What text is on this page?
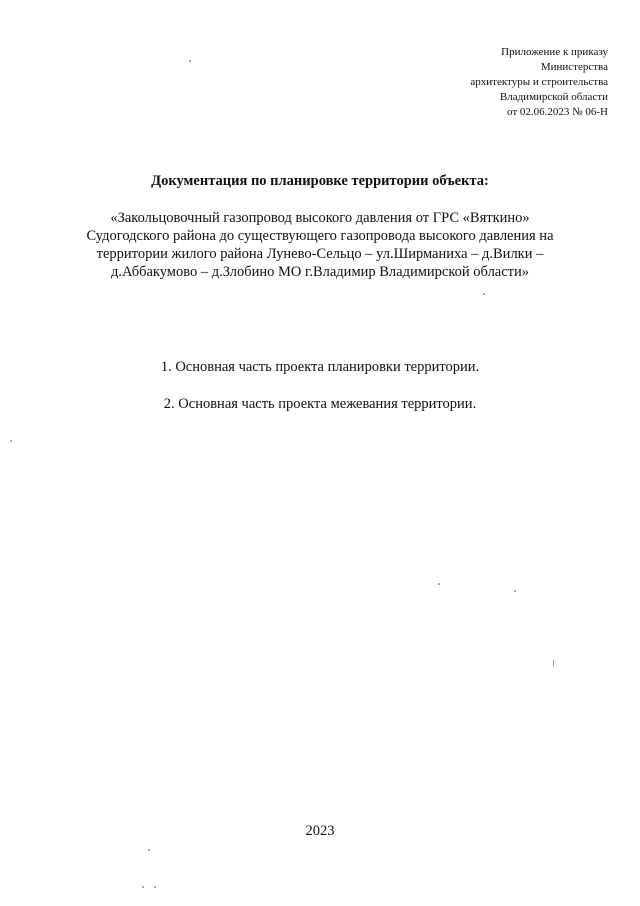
Приложение к приказу
Министерства
архитектуры и строительства
Владимирской области
от 02.06.2023 № 06-Н
Документация по планировке территории объекта:
«Закольцовочный газопровод высокого давления от ГРС «Вяткино»
Судогодского района до существующего газопровода высокого давления на
территории жилого района Лунево-Сельцо – ул.Ширманиха – д.Вилки –
д.Аббакумово – д.Злобино МО г.Владимир Владимирской области»
1. Основная часть проекта планировки территории.
2. Основная часть проекта межевания территории.
2023
